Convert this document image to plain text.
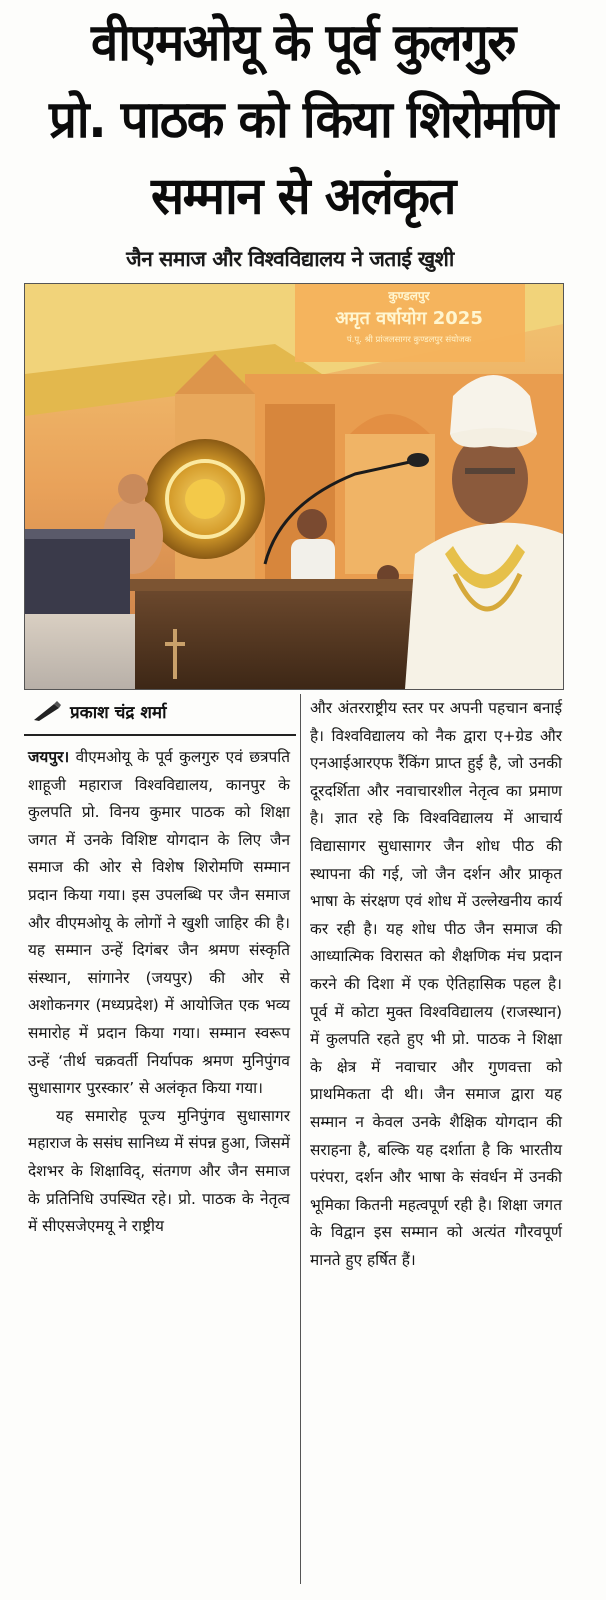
वीएमओयू के पूर्व कुलगुरु
प्रो. पाठक को किया शिरोमणि
सम्मान से अलंकृत
जैन समाज और विश्वविद्यालय ने जताई खुशी
कुण्डलपुर
अमृत वर्षायोग 2025
पं.पू. श्री प्रांजलसागर कुण्डलपुर संयोजक
प्रकाश चंद्र शर्मा

जयपुर। वीएमओयू के पूर्व कुलगुरु एवं छत्रपति शाहूजी महाराज विश्वविद्यालय, कानपुर के कुलपति प्रो. विनय कुमार पाठक को शिक्षा जगत में उनके विशिष्ट योगदान के लिए जैन समाज की ओर से विशेष शिरोमणि सम्मान प्रदान किया गया। इस उपलब्धि पर जैन समाज और वीएमओयू के लोगों ने खुशी जाहिर की है। यह सम्मान उन्हें दिगंबर जैन श्रमण संस्कृति संस्थान, सांगानेर (जयपुर) की ओर से अशोकनगर (मध्यप्रदेश) में आयोजित एक भव्य समारोह में प्रदान किया गया। सम्मान स्वरूप उन्हें ‘तीर्थ चक्रवर्ती निर्यापक श्रमण मुनिपुंगव सुधासागर पुरस्कार’ से अलंकृत किया गया।

यह समारोह पूज्य मुनिपुंगव सुधासागर महाराज के ससंघ सानिध्य में संपन्न हुआ, जिसमें देशभर के शिक्षाविद्, संतगण और जैन समाज के प्रतिनिधि उपस्थित रहे। प्रो. पाठक के नेतृत्व में सीएसजेएमयू ने राष्ट्रीय

और अंतरराष्ट्रीय स्तर पर अपनी पहचान बनाई है। विश्वविद्यालय को नैक द्वारा ए+ग्रेड और एनआईआरएफ रैंकिंग प्राप्त हुई है, जो उनकी दूरदर्शिता और नवाचारशील नेतृत्व का प्रमाण है। ज्ञात रहे कि विश्वविद्यालय में आचार्य विद्यासागर सुधासागर जैन शोध पीठ की स्थापना की गई, जो जैन दर्शन और प्राकृत भाषा के संरक्षण एवं शोध में उल्लेखनीय कार्य कर रही है। यह शोध पीठ जैन समाज की आध्यात्मिक विरासत को शैक्षणिक मंच प्रदान करने की दिशा में एक ऐतिहासिक पहल है। पूर्व में कोटा मुक्त विश्वविद्यालय (राजस्थान) में कुलपति रहते हुए भी प्रो. पाठक ने शिक्षा के क्षेत्र में नवाचार और गुणवत्ता को प्राथमिकता दी थी। जैन समाज द्वारा यह सम्मान न केवल उनके शैक्षिक योगदान की सराहना है, बल्कि यह दर्शाता है कि भारतीय परंपरा, दर्शन और भाषा के संवर्धन में उनकी भूमिका कितनी महत्वपूर्ण रही है। शिक्षा जगत के विद्वान इस सम्मान को अत्यंत गौरवपूर्ण मानते हुए हर्षित हैं।
